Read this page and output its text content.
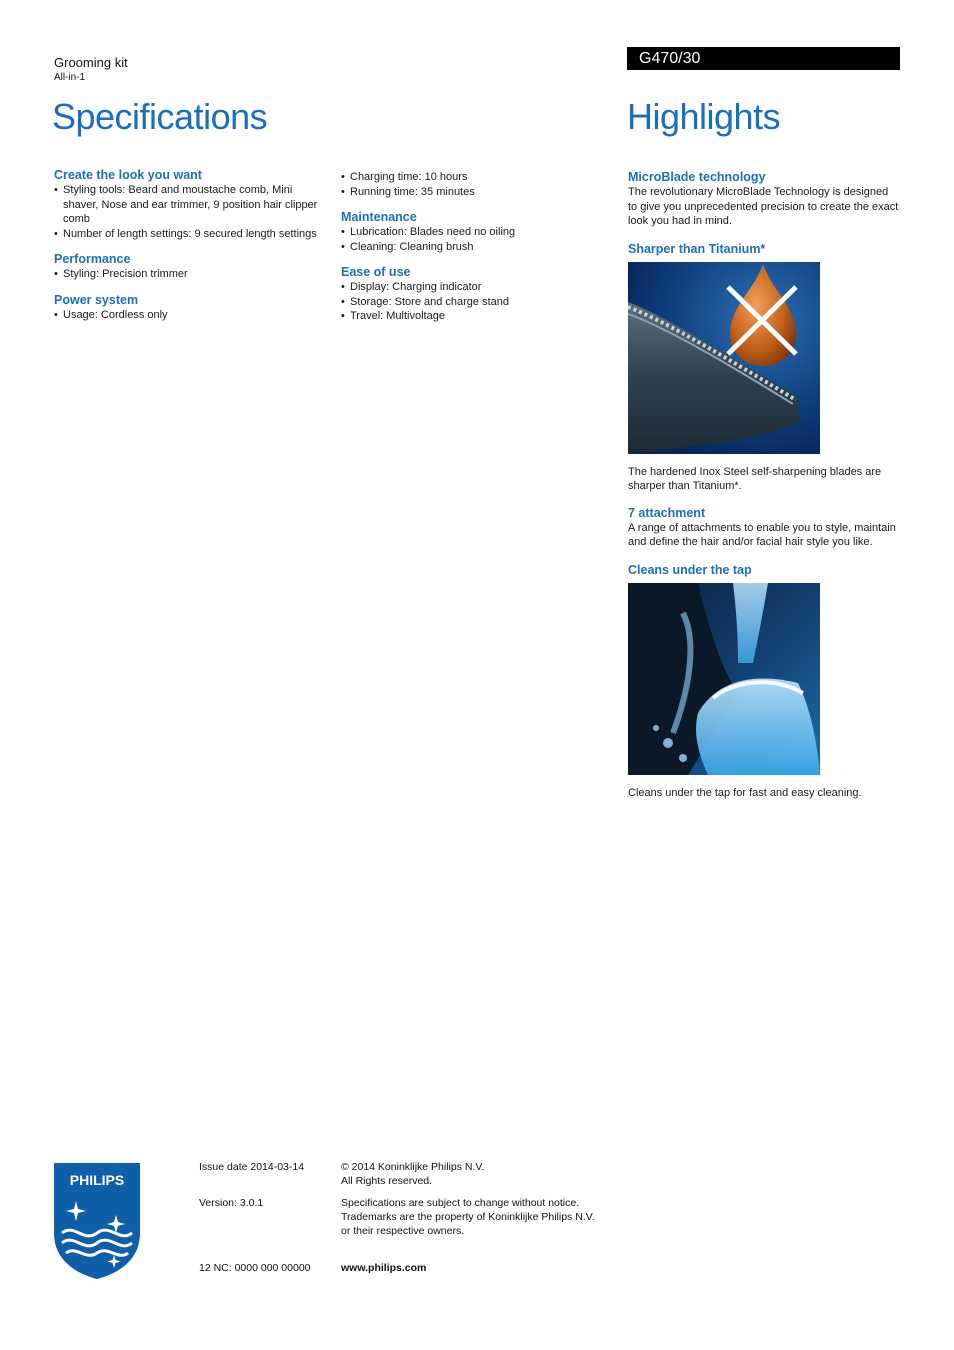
Grooming kit
All-in-1
Specifications
G470/30
Highlights
Create the look you want
• Styling tools: Beard and moustache comb, Mini shaver, Nose and ear trimmer, 9 position hair clipper comb
• Number of length settings: 9 secured length settings
Performance
• Styling: Precision trimmer
Power system
• Usage: Cordless only
• Charging time: 10 hours
• Running time: 35 minutes
Maintenance
• Lubrication: Blades need no oiling
• Cleaning: Cleaning brush
Ease of use
• Display: Charging indicator
• Storage: Store and charge stand
• Travel: Multivoltage
MicroBlade technology
The revolutionary MicroBlade Technology is designed to give you unprecedented precision to create the exact look you had in mind.
Sharper than Titanium*
The hardened Inox Steel self-sharpening blades are sharper than Titanium*.
7 attachment
A range of attachments to enable you to style, maintain and define the hair and/or facial hair style you like.
Cleans under the tap
Cleans under the tap for fast and easy cleaning.
PHILIPS
Issue date 2014-03-14
Version: 3.0.1
12 NC: 0000 000 00000
© 2014 Koninklijke Philips N.V.
All Rights reserved.
Specifications are subject to change without notice.
Trademarks are the property of Koninklijke Philips N.V.
or their respective owners.
www.philips.com
